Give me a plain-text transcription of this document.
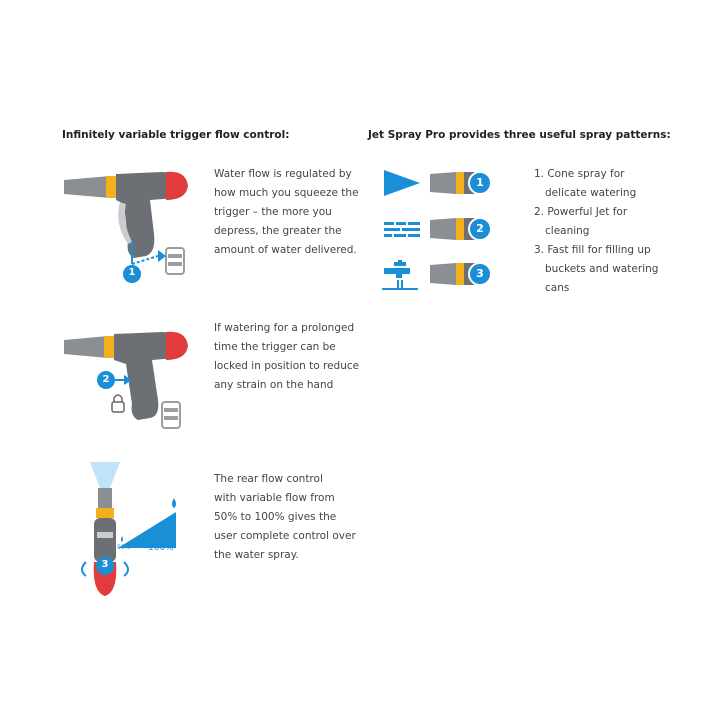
Infinitely variable trigger flow control:	Jet Spray Pro provides three useful spray patterns:
1
Water flow is regulated by
how much you squeeze the
trigger – the more you
depress, the greater the
amount of water delivered.
2
If watering for a prolonged
time the trigger can be
locked in position to reduce
any strain on the hand
3
50% ⟶ 100%
The rear flow control
with variable flow from
50% to 100% gives the
user complete control over
the water spray.
1
2
3
1. Cone spray for
delicate watering
2. Powerful Jet for
cleaning
3. Fast fill for filling up
buckets and watering
cans
